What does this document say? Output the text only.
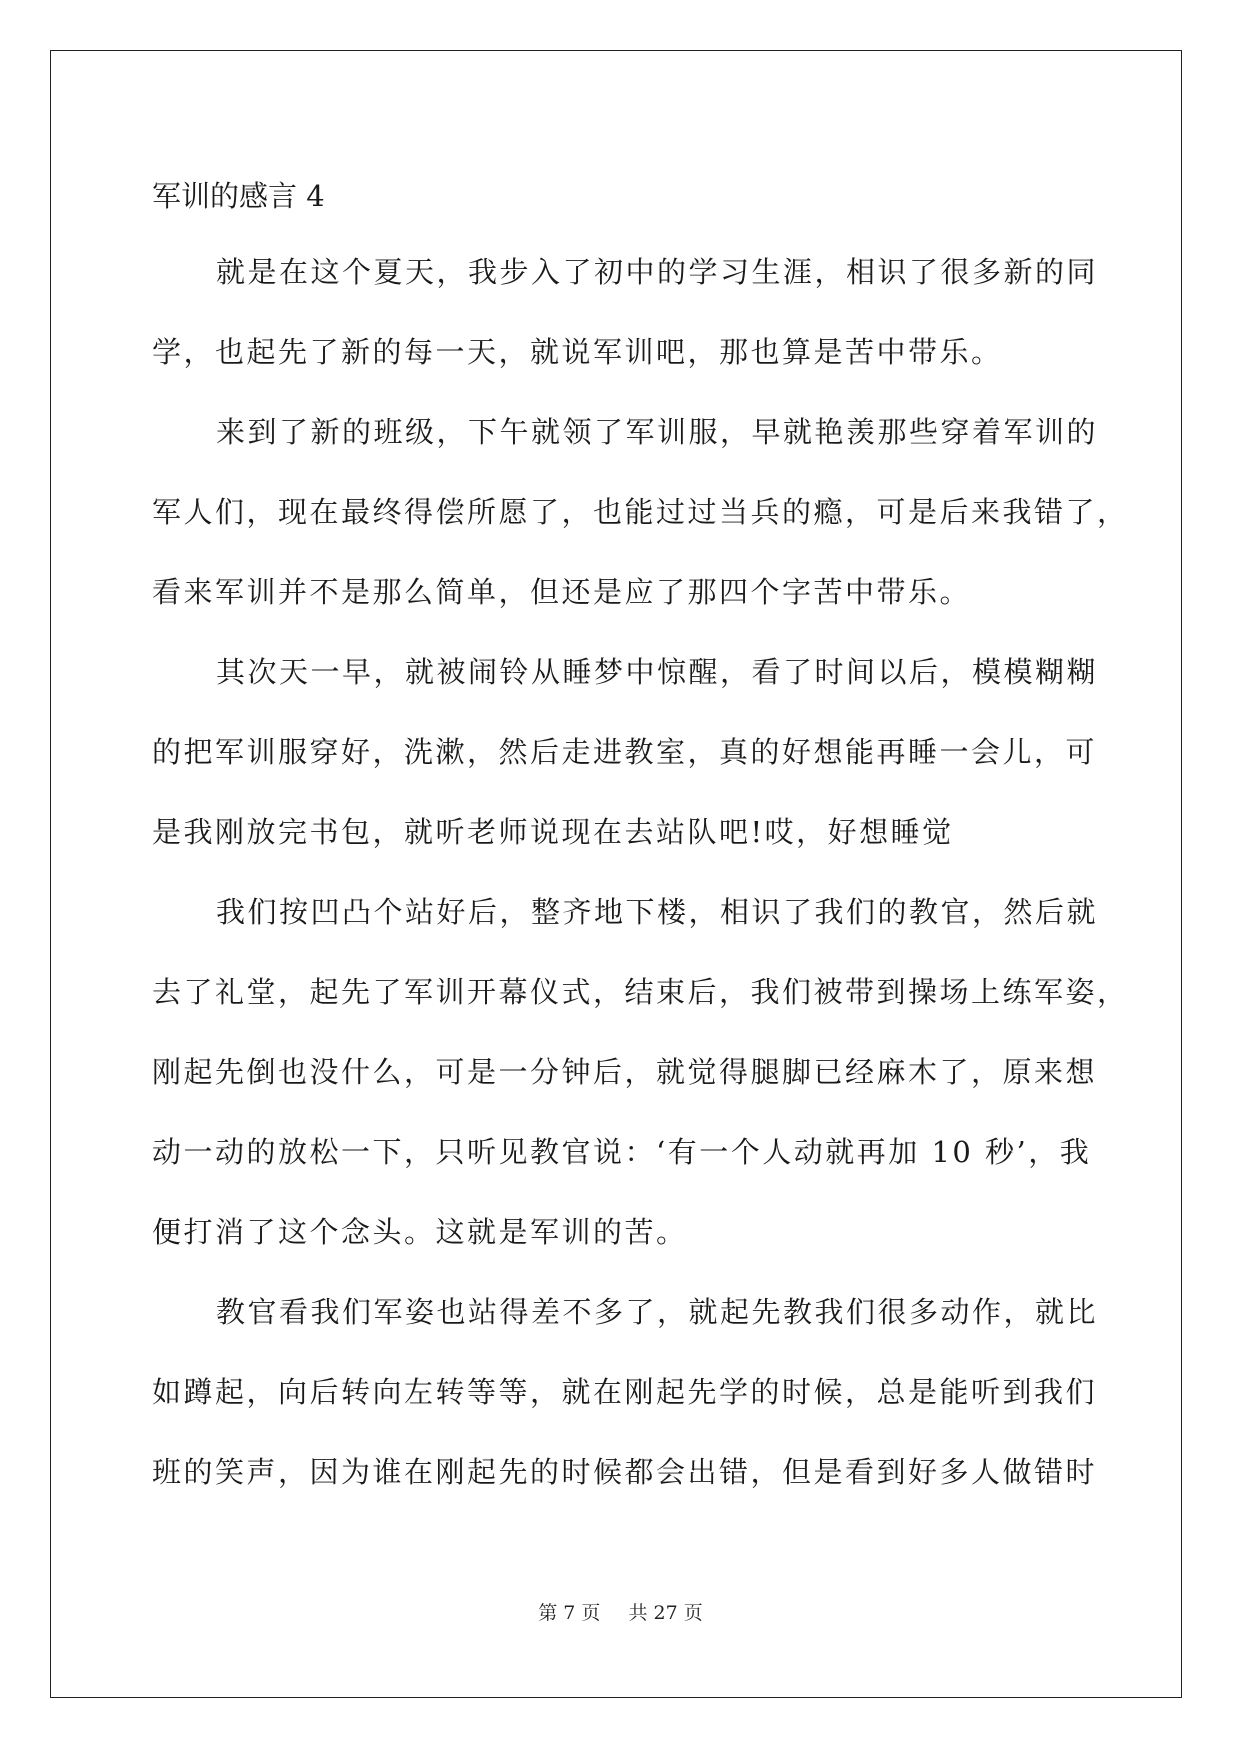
军训的感言 4
就是在这个夏天，我步入了初中的学习生涯，相识了很多新的同
学，也起先了新的每一天，就说军训吧，那也算是苦中带乐。
来到了新的班级，下午就领了军训服，早就艳羡那些穿着军训的
军人们，现在最终得偿所愿了，也能过过当兵的瘾，可是后来我错了，
看来军训并不是那么简单，但还是应了那四个字苦中带乐。
其次天一早，就被闹铃从睡梦中惊醒，看了时间以后，模模糊糊
的把军训服穿好，洗漱，然后走进教室，真的好想能再睡一会儿，可
是我刚放完书包，就听老师说现在去站队吧!哎，好想睡觉
我们按凹凸个站好后，整齐地下楼，相识了我们的教官，然后就
去了礼堂，起先了军训开幕仪式，结束后，我们被带到操场上练军姿，
刚起先倒也没什么，可是一分钟后，就觉得腿脚已经麻木了，原来想
动一动的放松一下，只听见教官说：‘有一个人动就再加 10 秒’，我
便打消了这个念头。这就是军训的苦。
教官看我们军姿也站得差不多了，就起先教我们很多动作，就比
如蹲起，向后转向左转等等，就在刚起先学的时候，总是能听到我们
班的笑声，因为谁在刚起先的时候都会出错，但是看到好多人做错时
第 7 页 共 27 页
